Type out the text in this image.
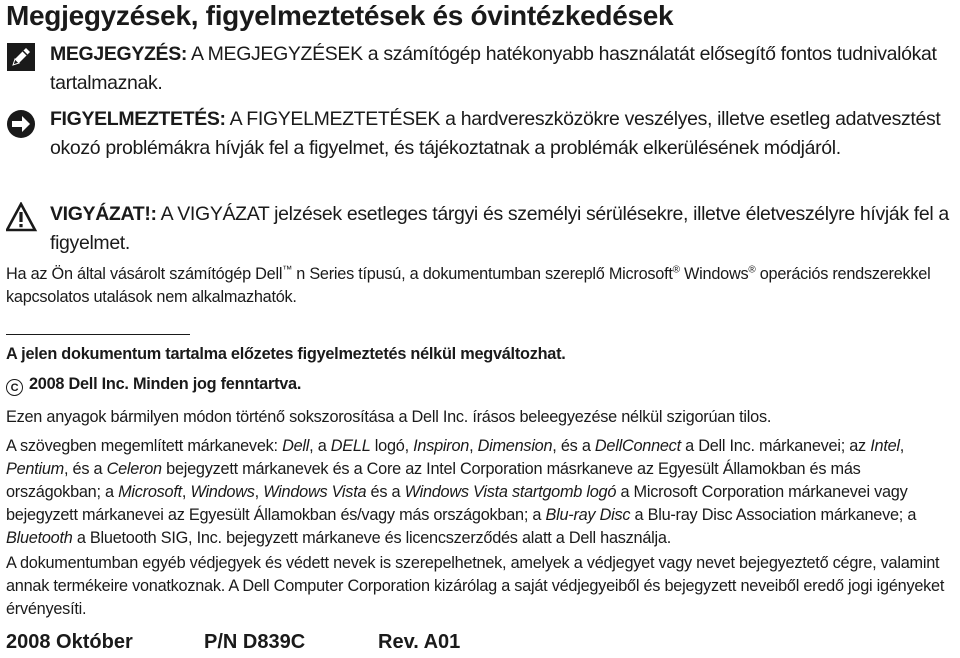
Megjegyzések, figyelmeztetések és óvintézkedések
MEGJEGYZÉS: A MEGJEGYZÉSEK a számítógép hatékonyabb használatát elősegítő fontos tudnivalókat tartalmaznak.
FIGYELMEZTETÉS: A FIGYELMEZTETÉSEK a hardvereszközökre veszélyes, illetve esetleg adatvesztést okozó problémákra hívják fel a figyelmet, és tájékoztatnak a problémák elkerülésének módjáról.
VIGYÁZAT!: A VIGYÁZAT jelzések esetleges tárgyi és személyi sérülésekre, illetve életveszélyre hívják fel a figyelmet.
Ha az Ön által vásárolt számítógép Dell™ n Series típusú, a dokumentumban szereplő Microsoft® Windows® operációs rendszerekkel kapcsolatos utalások nem alkalmazhatók.
A jelen dokumentum tartalma előzetes figyelmeztetés nélkül megváltozhat.
C 2008 Dell Inc. Minden jog fenntartva.
Ezen anyagok bármilyen módon történő sokszorosítása a Dell Inc. írásos beleegyezése nélkül szigorúan tilos.
A szövegben megemlített márkanevek: Dell, a DELL logó, Inspiron, Dimension, és a DellConnect a Dell Inc. márkanevei; az Intel, Pentium, és a Celeron bejegyzett márkanevek és a Core az Intel Corporation másrkaneve az Egyesült Államokban és más országokban; a Microsoft, Windows, Windows Vista és a Windows Vista startgomb logó a Microsoft Corporation márkanevei vagy bejegyzett márkanevei az Egyesült Államokban és/vagy más országokban; a Blu-ray Disc a Blu-ray Disc Association márkaneve; a Bluetooth a Bluetooth SIG, Inc. bejegyzett márkaneve és licencszerződés alatt a Dell használja.
A dokumentumban egyéb védjegyek és védett nevek is szerepelhetnek, amelyek a védjegyet vagy nevet bejegyeztető cégre, valamint annak termékeire vonatkoznak. A Dell Computer Corporation kizárólag a saját védjegyeiből és bejegyzett neveiből eredő jogi igényeket érvényesíti.
2008 Október	P/N D839C	Rev. A01
